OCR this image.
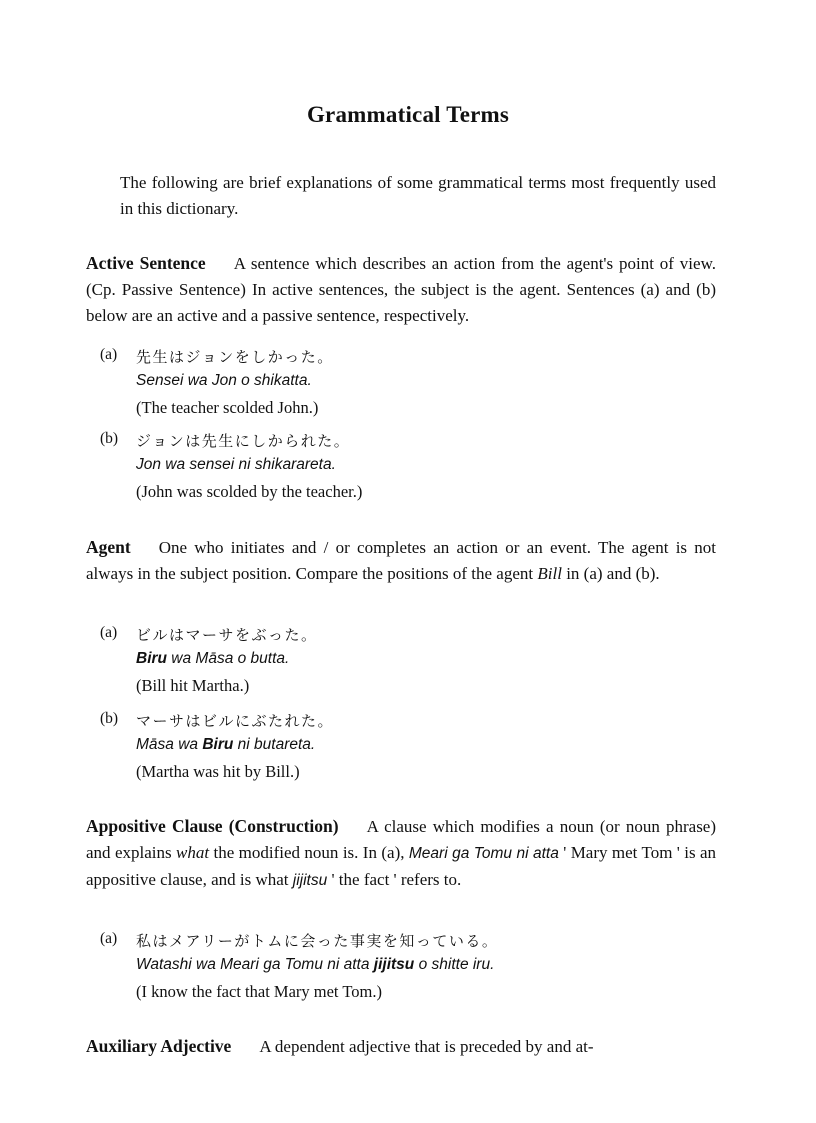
Grammatical Terms
The following are brief explanations of some grammatical terms most frequently used in this dictionary.
Active Sentence A sentence which describes an action from the agent's point of view. (Cp. Passive Sentence) In active sentences, the subject is the agent. Sentences (a) and (b) below are an active and a passive sentence, respectively.
(a) 先生はジョンをしかった。
Sensei wa Jon o shikatta.
(The teacher scolded John.)
(b) ジョンは先生にしかられた。
Jon wa sensei ni shikarareta.
(John was scolded by the teacher.)
Agent One who initiates and / or completes an action or an event. The agent is not always in the subject position. Compare the positions of the agent Bill in (a) and (b).
(a) ビルはマーサをぶった。
Biru wa Māsa o butta.
(Bill hit Martha.)
(b) マーサはビルにぶたれた。
Māsa wa Biru ni butareta.
(Martha was hit by Bill.)
Appositive Clause (Construction) A clause which modifies a noun (or noun phrase) and explains what the modified noun is. In (a), Meari ga Tomu ni atta ' Mary met Tom ' is an appositive clause, and is what jijitsu ' the fact ' refers to.
(a) 私はメアリーがトムに会った事実を知っている。
Watashi wa Meari ga Tomu ni atta jijitsu o shitte iru.
(I know the fact that Mary met Tom.)
Auxiliary Adjective A dependent adjective that is preceded by and at-
